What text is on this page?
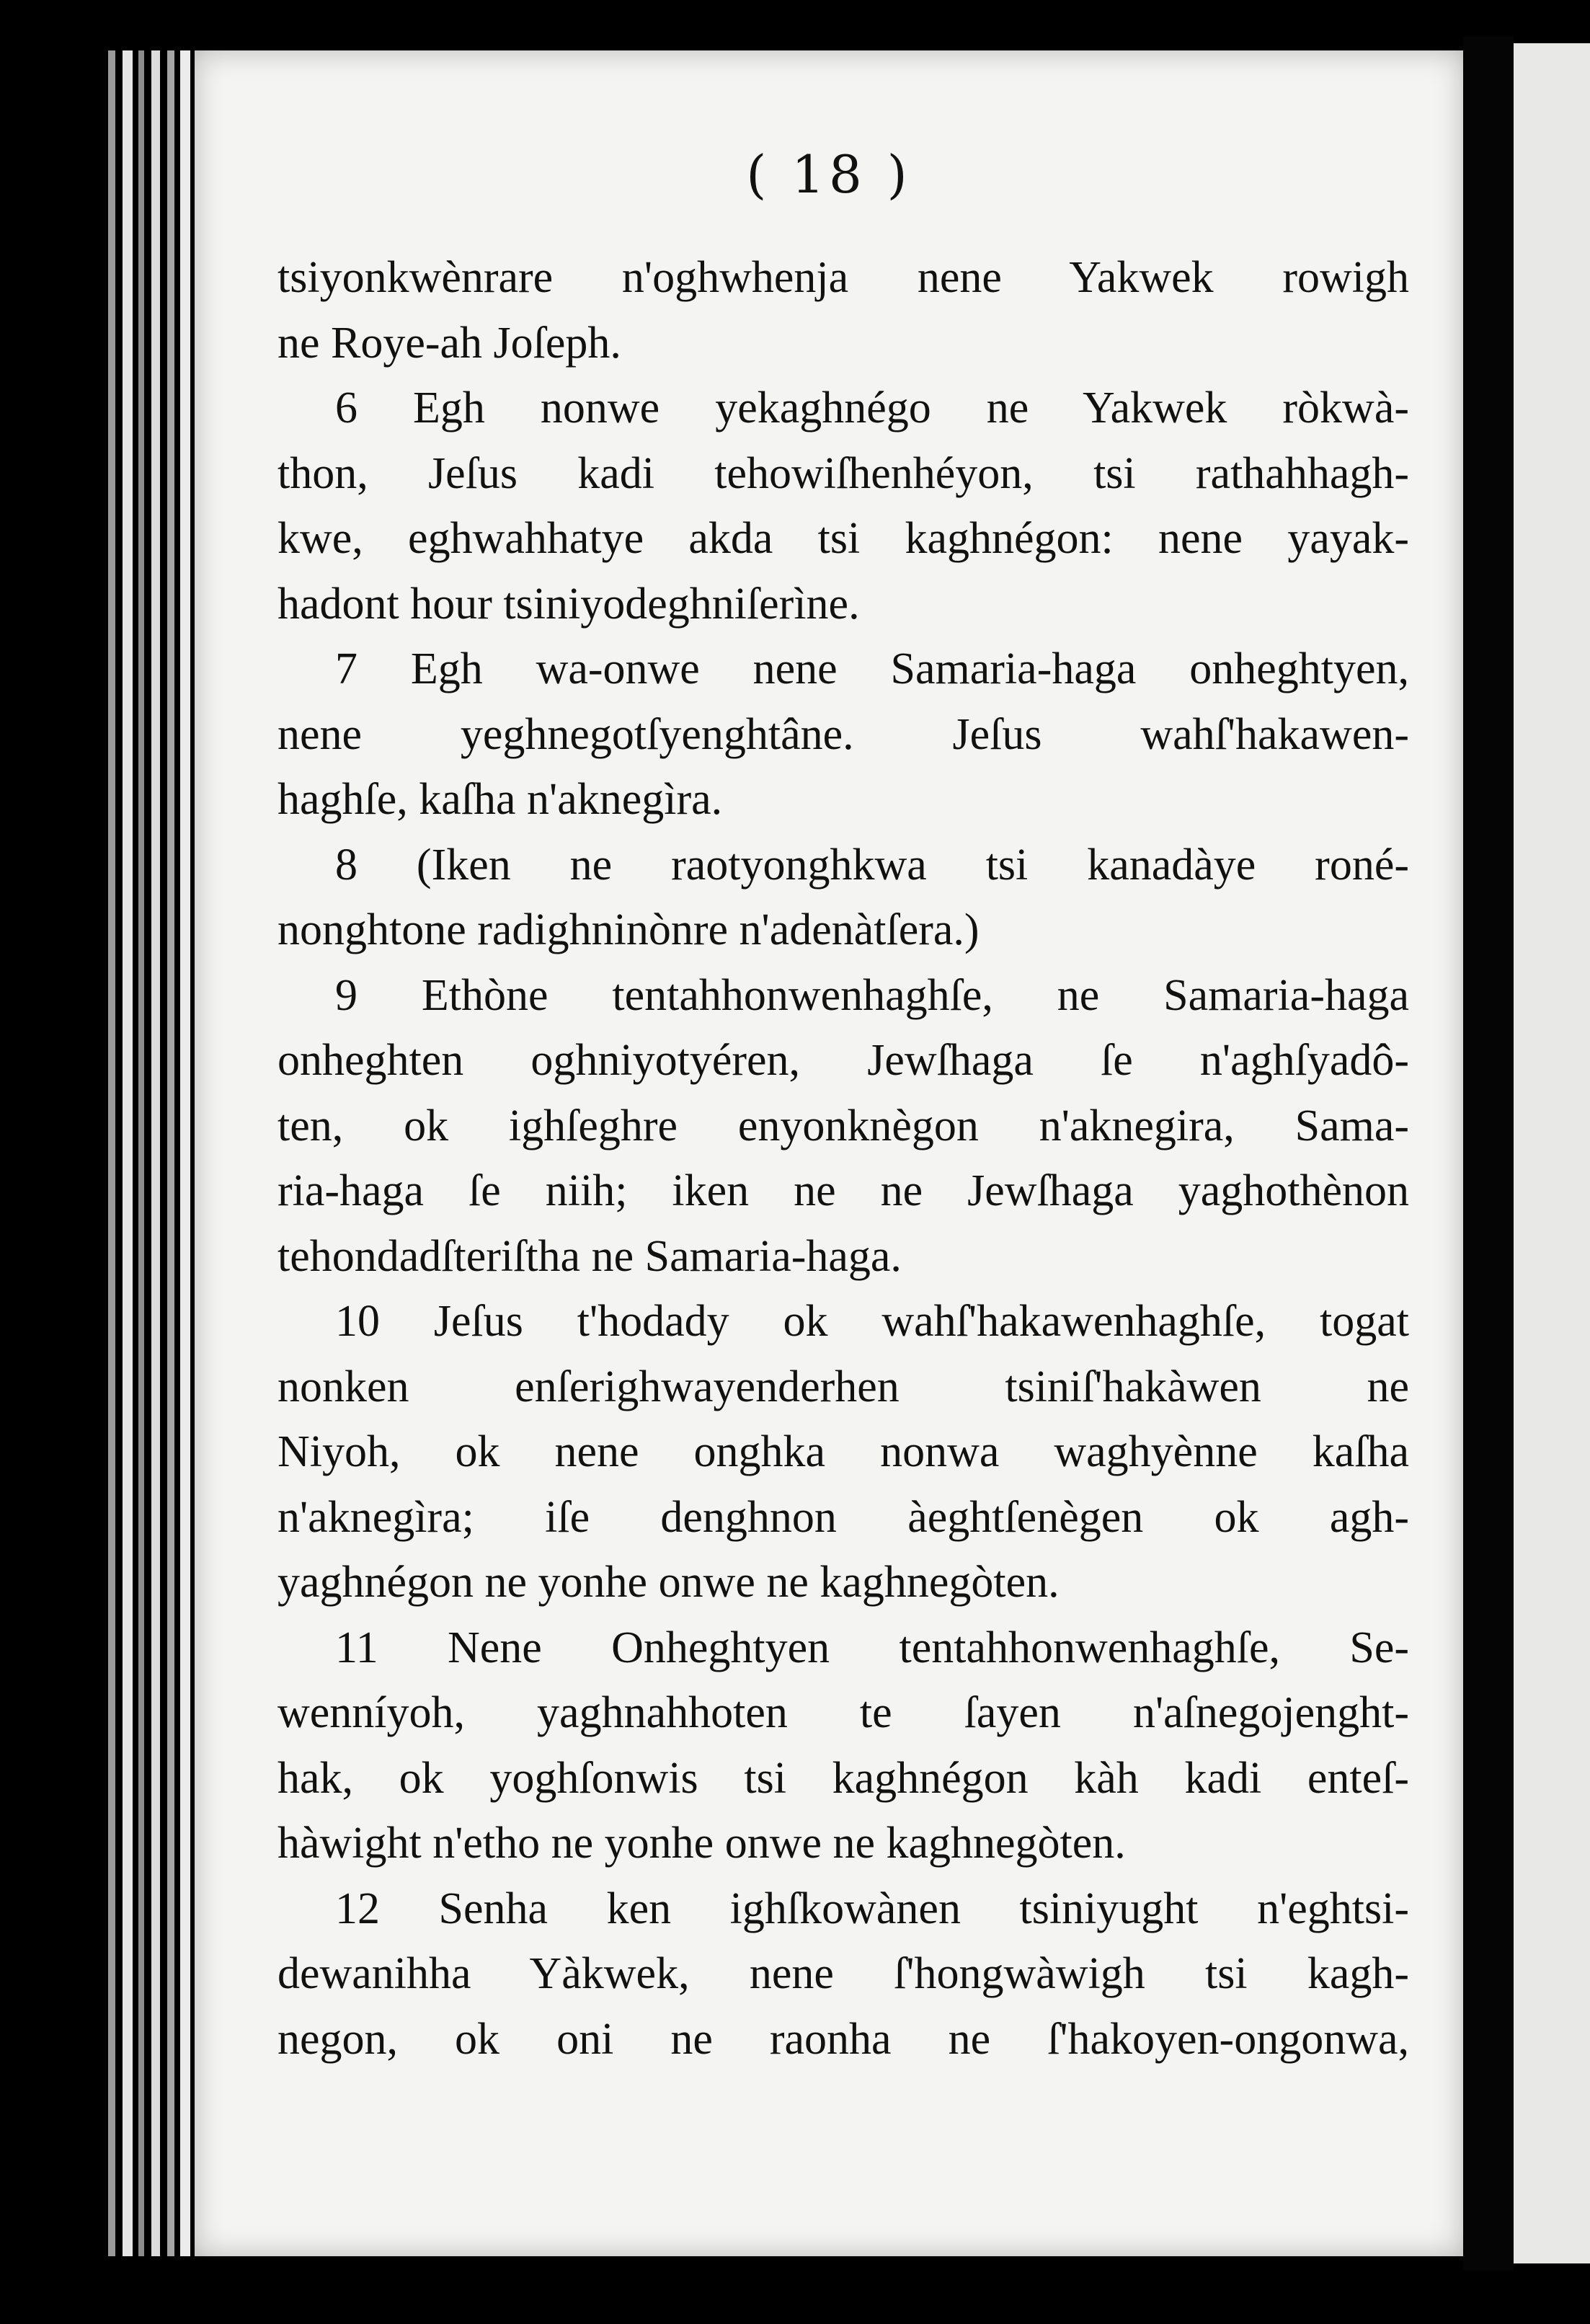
( 18 )
tsiyonkwènrare n'oghwhenja nene Yakwek rowigh
ne Roye-ah Joſeph.
6 Egh nonwe yekaghnégo ne Yakwek ròkwà-
thon, Jeſus kadi tehowiſhenhéyon, tsi rathahhagh-
kwe, eghwahhatye akda tsi kaghnégon: nene yayak-
hadont hour tsiniyodeghniſerìne.
7 Egh wa-onwe nene Samaria-haga onheghtyen,
nene yeghnegotſyenghtâne. Jeſus wahſ'hakawen-
haghſe, kaſha n'aknegìra.
8 (Iken ne raotyonghkwa tsi kanadàye roné-
nonghtone radighninònre n'adenàtſera.)
9 Ethòne tentahhonwenhaghſe, ne Samaria-haga
onheghten oghniyotyéren, Jewſhaga ſe n'aghſyadô-
ten, ok ighſeghre enyonknègon n'aknegira, Sama-
ria-haga ſe niih; iken ne ne Jewſhaga yaghothènon
tehondadſteriſtha ne Samaria-haga.
10 Jeſus t'hodady ok wahſ'hakawenhaghſe, togat
nonken enſerighwayenderhen tsiniſ'hakàwen ne
Niyoh, ok nene onghka nonwa waghyènne kaſha
n'aknegìra; iſe denghnon àeghtſenègen ok agh-
yaghnégon ne yonhe onwe ne kaghnegòten.
11 Nene Onheghtyen tentahhonwenhaghſe, Se-
wenníyoh, yaghnahhoten te ſayen n'aſnegojenght-
hak, ok yoghſonwis tsi kaghnégon kàh kadi enteſ-
hàwight n'etho ne yonhe onwe ne kaghnegòten.
12 Senha ken ighſkowànen tsiniyught n'eghtsi-
dewanihha Yàkwek, nene ſ'hongwàwigh tsi kagh-
negon, ok oni ne raonha ne ſ'hakoyen-ongonwa,
